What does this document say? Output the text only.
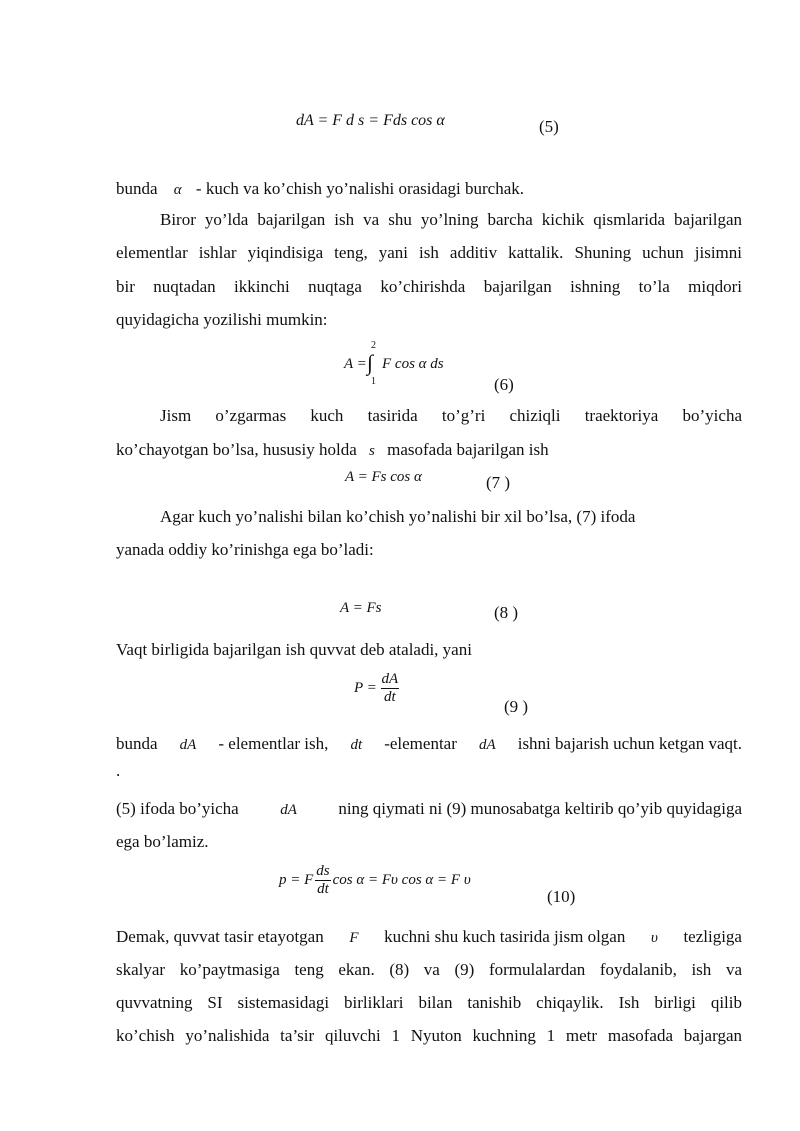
dA = F d s = Fds cos α	(5)
bunda α - kuch va ko’chish yo’nalishi orasidagi burchak.
Biror yo’lda bajarilgan ish va shu yo’lning barcha kichik qismlarida bajarilgan
elementlar ishlar yiqindisiga teng, yani ish additiv kattalik. Shuning uchun jisimni
bir nuqtadan ikkinchi nuqtaga ko’chirishda bajarilgan ishning to’la miqdori
quyidagicha yozilishi mumkin:
A =
2
∫
1
F cos α ds
(6)
Jism o’zgarmas kuch tasirida to’g’ri chiziqli traektoriya bo’yicha
ko’chayotgan bo’lsa, hususiy holda s masofada bajarilgan ish
A = Fs cos α	(7 )
Agar kuch yo’nalishi bilan ko’chish yo’nalishi bir xil bo’lsa, (7) ifoda
yanada oddiy ko’rinishga ega bo’ladi:
A = Fs	(8 )
Vaqt birligida bajarilgan ish quvvat deb ataladi, yani
$P = \frac{dA}{dt}$
(9 )
bunda dA - elementlar ish, dt -elementar dA ishni bajarish uchun ketgan vaqt.
.
(5) ifoda bo’yicha	dA ning qiymati ni (9) munosabatga keltirib qo’yib quyidagiga
ega bo’lamiz.
p = F $\frac{ds}{dt}$ cos α = Fυ cos α = F υ
(10)
Demak, quvvat tasir etayotgan F kuchni shu kuch tasirida jism olgan υ tezligiga
skalyar ko’paytmasiga teng ekan. (8) va (9) formulalardan foydalanib, ish va
quvvatning SI sistemasidagi birliklari bilan tanishib chiqaylik. Ish birligi qilib
ko’chish yo’nalishida ta’sir qiluvchi 1 Nyuton kuchning 1 metr masofada bajargan
